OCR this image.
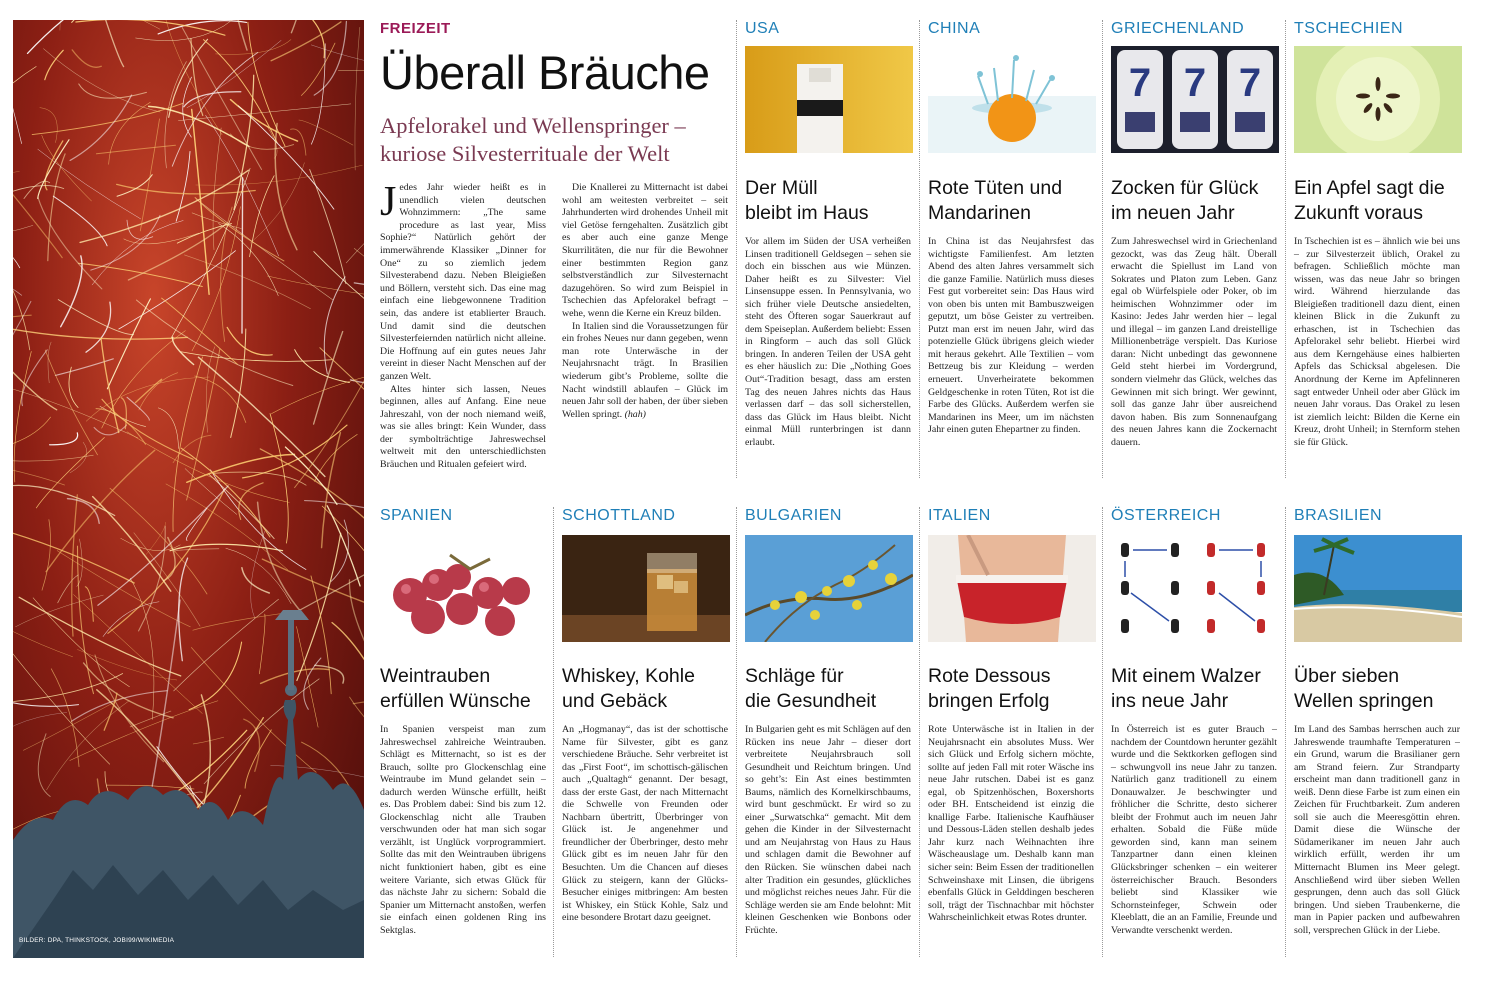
BILDER: DPA, THINKSTOCK, JOBI99/WIKIMEDIA
FREIZEIT
Überall Bräuche
Apfelorakel und Wellenspringer – kuriose Silvesterrituale der Welt

Jedes Jahr wieder heißt es in unendlich vielen deutschen Wohnzimmern: „The same procedure as last year, Miss Sophie?“ Natürlich gehört der immerwährende Klassiker „Dinner for One“ zu so ziemlich jedem Silvesterabend dazu. Neben Bleigießen und Böllern, versteht sich. Das eine mag einfach eine liebgewonnene Tradition sein, das andere ist etablierter Brauch. Und damit sind die deutschen Silvesterfeiernden natürlich nicht alleine. Die Hoffnung auf ein gutes neues Jahr vereint in dieser Nacht Menschen auf der ganzen Welt.

Altes hinter sich lassen, Neues beginnen, alles auf Anfang. Eine neue Jahreszahl, von der noch niemand weiß, was sie alles bringt: Kein Wunder, dass der symbolträchtige Jahreswechsel weltweit mit den unterschiedlichsten Bräuchen und Ritualen gefeiert wird.

Die Knallerei zu Mitternacht ist dabei wohl am weitesten verbreitet – seit Jahrhunderten wird drohendes Unheil mit viel Getöse ferngehalten. Zusätzlich gibt es aber auch eine ganze Menge Skurrilitäten, die nur für die Bewohner einer bestimmten Region ganz selbstverständlich zur Silvesternacht dazugehören. So wird zum Beispiel in Tschechien das Apfelorakel befragt – wehe, wenn die Kerne ein Kreuz bilden.

In Italien sind die Voraussetzungen für ein frohes Neues nur dann gegeben, wenn man rote Unterwäsche in der Neujahrsnacht trägt. In Brasilien wiederum gibt’s Probleme, sollte die Nacht windstill ablaufen – Glück im neuen Jahr soll der haben, der über sieben Wellen springt. (hah)

USA
Der Müll
bleibt im Haus
Vor allem im Süden der USA verheißen Linsen traditionell Geldsegen – sehen sie doch ein bisschen aus wie Münzen. Daher heißt es zu Silvester: Viel Linsensuppe essen. In Pennsylvania, wo sich früher viele Deutsche ansiedelten, steht des Öfteren sogar Sauerkraut auf dem Speiseplan. Außerdem beliebt: Essen in Ringform – auch das soll Glück bringen. In anderen Teilen der USA geht es eher häuslich zu: Die „Nothing Goes Out“-Tradition besagt, dass am ersten Tag des neuen Jahres nichts das Haus verlassen darf – das soll sicherstellen, dass das Glück im Haus bleibt. Nicht einmal Müll runterbringen ist dann erlaubt.
CHINA
Rote Tüten und
Mandarinen
In China ist das Neujahrsfest das wichtigste Familienfest. Am letzten Abend des alten Jahres versammelt sich die ganze Familie. Natürlich muss dieses Fest gut vorbereitet sein: Das Haus wird von oben bis unten mit Bambuszweigen geputzt, um böse Geister zu vertreiben. Putzt man erst im neuen Jahr, wird das potenzielle Glück übrigens gleich wieder mit heraus gekehrt. Alle Textilien – vom Bettzeug bis zur Kleidung – werden erneuert. Unverheiratete bekommen Geldgeschenke in roten Tüten, Rot ist die Farbe des Glücks. Außerdem werfen sie Mandarinen ins Meer, um im nächsten Jahr einen guten Ehepartner zu finden.
GRIECHENLAND
7 7 7
Zocken für Glück
im neuen Jahr
Zum Jahreswechsel wird in Griechenland gezockt, was das Zeug hält. Überall erwacht die Spiellust im Land von Sokrates und Platon zum Leben. Ganz egal ob Würfelspiele oder Poker, ob im heimischen Wohnzimmer oder im Kasino: Jedes Jahr werden hier – legal und illegal – im ganzen Land dreistellige Millionenbeträge verspielt. Das Kuriose daran: Nicht unbedingt das gewonnene Geld steht hierbei im Vordergrund, sondern vielmehr das Glück, welches das Gewinnen mit sich bringt. Wer gewinnt, soll das ganze Jahr über ausreichend davon haben. Bis zum Sonnenaufgang des neuen Jahres kann die Zockernacht dauern.
TSCHECHIEN
Ein Apfel sagt die
Zukunft voraus
In Tschechien ist es – ähnlich wie bei uns – zur Silvesterzeit üblich, Orakel zu befragen. Schließlich möchte man wissen, was das neue Jahr so bringen wird. Während hierzulande das Bleigießen traditionell dazu dient, einen kleinen Blick in die Zukunft zu erhaschen, ist in Tschechien das Apfelorakel sehr beliebt. Hierbei wird aus dem Kerngehäuse eines halbierten Apfels das Schicksal abgelesen. Die Anordnung der Kerne im Apfelinneren sagt entweder Unheil oder aber Glück im neuen Jahr voraus. Das Orakel zu lesen ist ziemlich leicht: Bilden die Kerne ein Kreuz, droht Unheil; in Sternform stehen sie für Glück.
SPANIEN
Weintrauben
erfüllen Wünsche
In Spanien verspeist man zum Jahreswechsel zahlreiche Weintrauben. Schlägt es Mitternacht, so ist es der Brauch, sollte pro Glockenschlag eine Weintraube im Mund gelandet sein – dadurch werden Wünsche erfüllt, heißt es. Das Problem dabei: Sind bis zum 12. Glockenschlag nicht alle Trauben verschwunden oder hat man sich sogar verzählt, ist Unglück vorprogrammiert. Sollte das mit den Weintrauben übrigens nicht funktioniert haben, gibt es eine weitere Variante, sich etwas Glück für das nächste Jahr zu sichern: Sobald die Spanier um Mitternacht anstoßen, werfen sie einfach einen goldenen Ring ins Sektglas.
SCHOTTLAND
Whiskey, Kohle
und Gebäck
An „Hogmanay“, das ist der schottische Name für Silvester, gibt es ganz verschiedene Bräuche. Sehr verbreitet ist das „First Foot“, im schottisch-gälischen auch „Qualtagh“ genannt. Der besagt, dass der erste Gast, der nach Mitternacht die Schwelle von Freunden oder Nachbarn übertritt, Überbringer von Glück ist. Je angenehmer und freundlicher der Überbringer, desto mehr Glück gibt es im neuen Jahr für den Besuchten. Um die Chancen auf dieses Glück zu steigern, kann der Glücks-Besucher einiges mitbringen: Am besten ist Whiskey, ein Stück Kohle, Salz und eine besondere Brotart dazu geeignet.
BULGARIEN
Schläge für
die Gesundheit
In Bulgarien geht es mit Schlägen auf den Rücken ins neue Jahr – dieser dort verbreitete Neujahrsbrauch soll Gesundheit und Reichtum bringen. Und so geht’s: Ein Ast eines bestimmten Baums, nämlich des Kornelkirschbaums, wird bunt geschmückt. Er wird so zu einer „Surwatschka“ gemacht. Mit dem gehen die Kinder in der Silvesternacht und am Neujahrstag von Haus zu Haus und schlagen damit die Bewohner auf den Rücken. Sie wünschen dabei nach alter Tradition ein gesundes, glückliches und möglichst reiches neues Jahr. Für die Schläge werden sie am Ende belohnt: Mit kleinen Geschenken wie Bonbons oder Früchte.
ITALIEN
Rote Dessous
bringen Erfolg
Rote Unterwäsche ist in Italien in der Neujahrsnacht ein absolutes Muss. Wer sich Glück und Erfolg sichern möchte, sollte auf jeden Fall mit roter Wäsche ins neue Jahr rutschen. Dabei ist es ganz egal, ob Spitzenhöschen, Boxershorts oder BH. Entscheidend ist einzig die knallige Farbe. Italienische Kaufhäuser und Dessous-Läden stellen deshalb jedes Jahr kurz nach Weihnachten ihre Wäscheauslage um. Deshalb kann man sicher sein: Beim Essen der traditionellen Schweinshaxe mit Linsen, die übrigens ebenfalls Glück in Gelddingen bescheren soll, trägt der Tischnachbar mit höchster Wahrscheinlichkeit etwas Rotes drunter.
ÖSTERREICH
Mit einem Walzer
ins neue Jahr
In Österreich ist es guter Brauch – nachdem der Countdown herunter gezählt wurde und die Sektkorken geflogen sind – schwungvoll ins neue Jahr zu tanzen. Natürlich ganz traditionell zu einem Donauwalzer. Je beschwingter und fröhlicher die Schritte, desto sicherer bleibt der Frohmut auch im neuen Jahr erhalten. Sobald die Füße müde geworden sind, kann man seinem Tanzpartner dann einen kleinen Glücksbringer schenken – ein weiterer österreichischer Brauch. Besonders beliebt sind Klassiker wie Schornsteinfeger, Schwein oder Kleeblatt, die an an Familie, Freunde und Verwandte verschenkt werden.
BRASILIEN
Über sieben
Wellen springen
Im Land des Sambas herrschen auch zur Jahreswende traumhafte Temperaturen – ein Grund, warum die Brasilianer gern am Strand feiern. Zur Strandparty erscheint man dann traditionell ganz in weiß. Denn diese Farbe ist zum einen ein Zeichen für Fruchtbarkeit. Zum anderen soll sie auch die Meeresgöttin ehren. Damit diese die Wünsche der Südamerikaner im neuen Jahr auch wirklich erfüllt, werden ihr um Mitternacht Blumen ins Meer gelegt. Anschließend wird über sieben Wellen gesprungen, denn auch das soll Glück bringen. Und sieben Traubenkerne, die man in Papier packen und aufbewahren soll, versprechen Glück in der Liebe.
